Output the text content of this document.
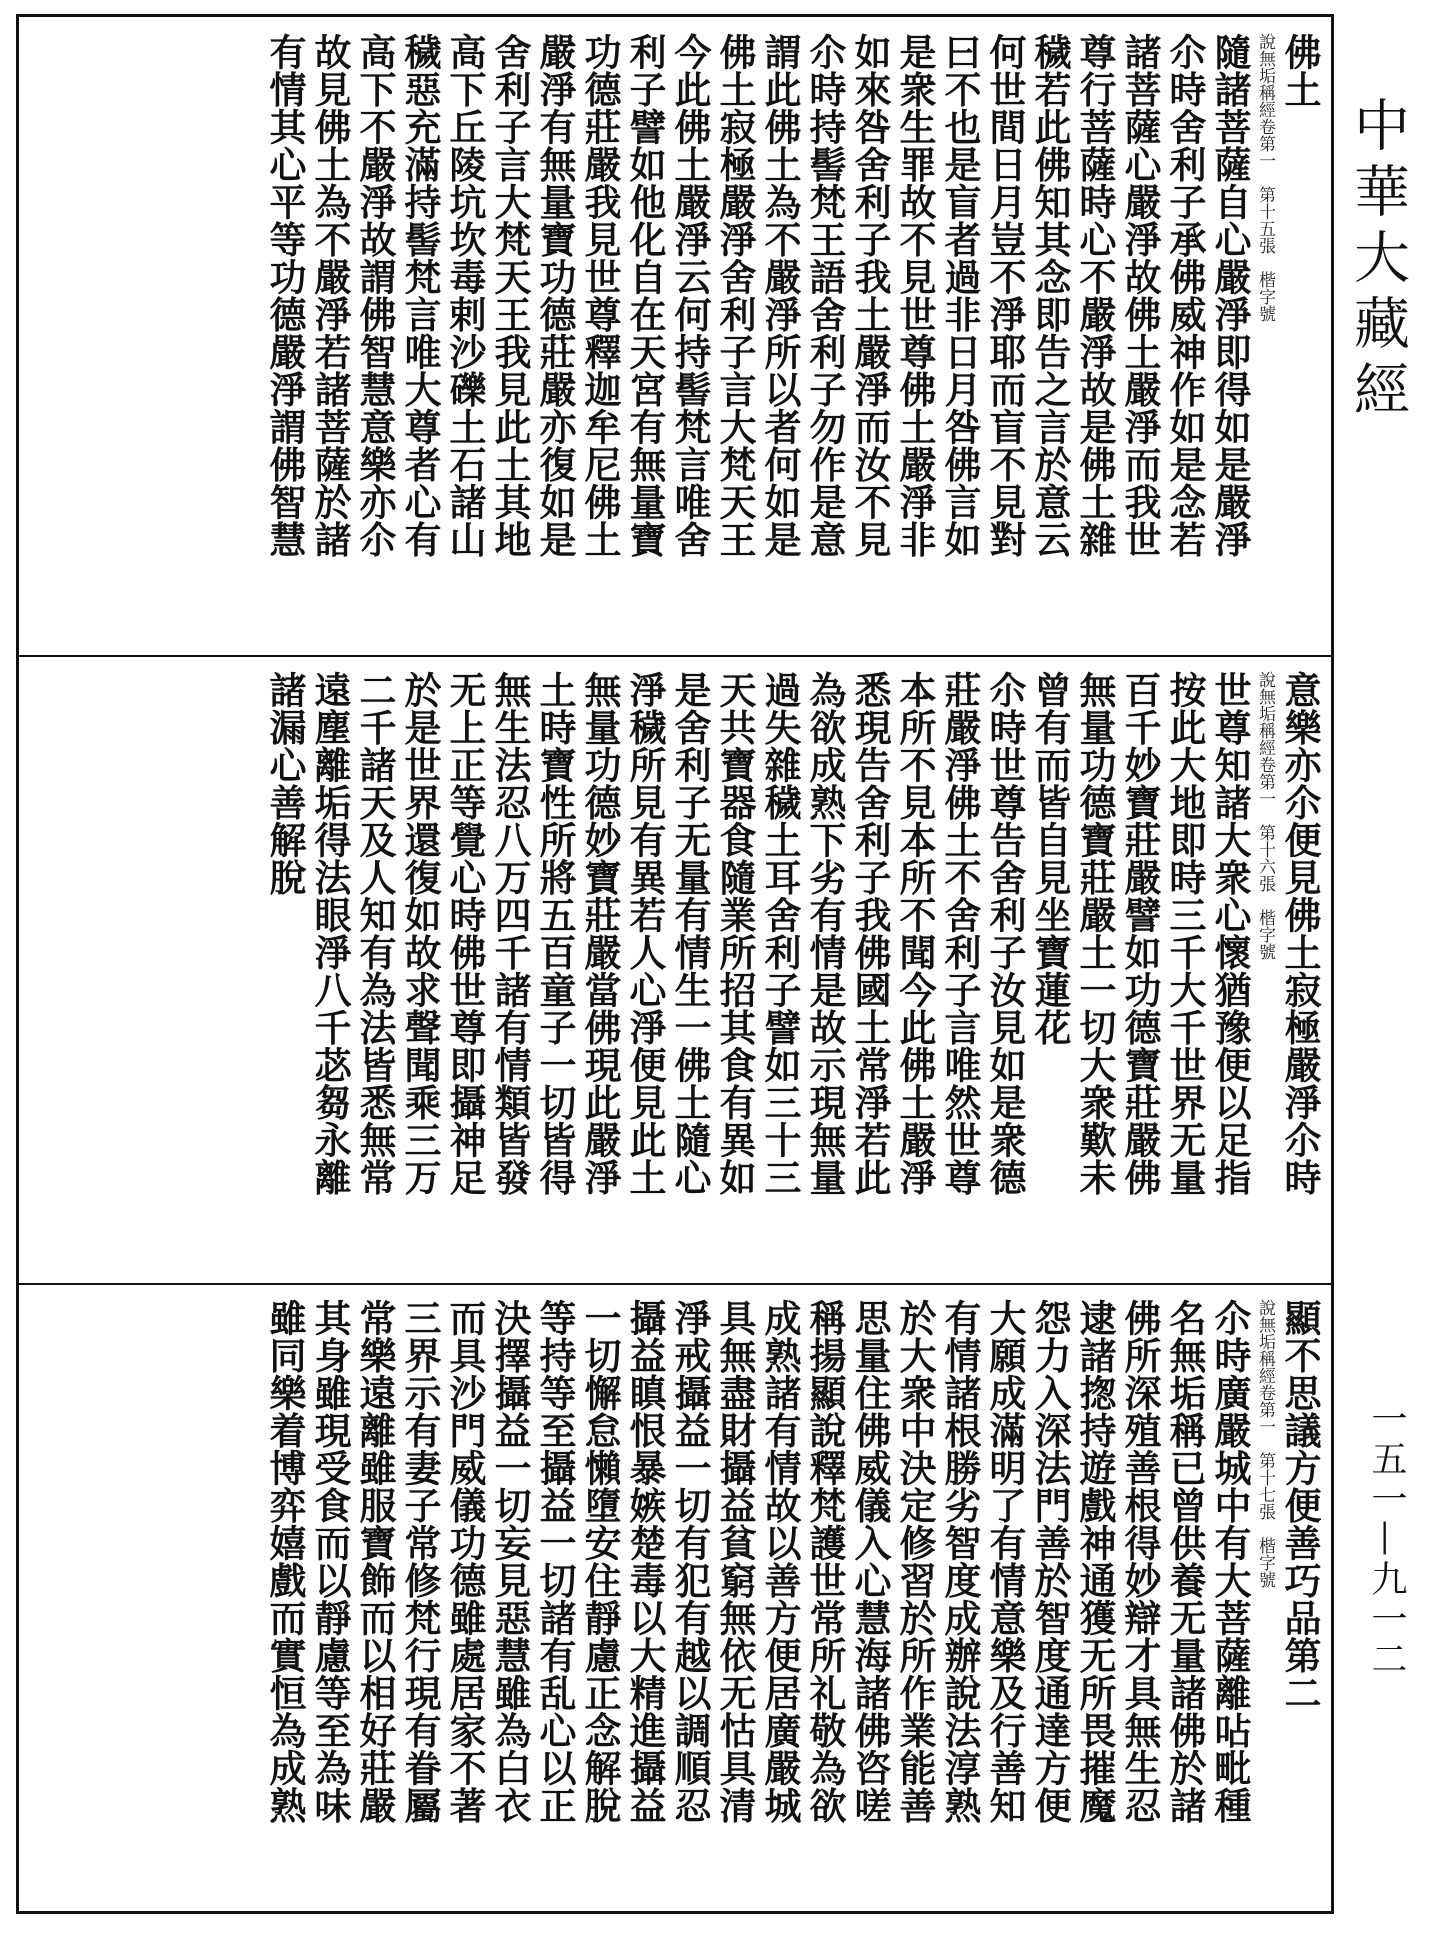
中華大藏經
一五一—九一二
佛土
說無垢稱經卷第一　第十五張　楷字號
隨諸菩薩自心嚴淨即得如是嚴淨
尒時舍利子承佛威神作如是念若
諸菩薩心嚴淨故佛土嚴淨而我世
尊行菩薩時心不嚴淨故是佛土雜
穢若此佛知其念即告之言於意云
何世間日月豈不淨耶而盲不見對
曰不也是盲者過非日月咎佛言如
是衆生罪故不見世尊佛土嚴淨非
如來咎舍利子我土嚴淨而汝不見
尒時持髻梵王語舍利子勿作是意
謂此佛土為不嚴淨所以者何如是
佛土寂極嚴淨舍利子言大梵天王
今此佛土嚴淨云何持髻梵言唯舍
利子譬如他化自在天宮有無量寶
功德莊嚴我見世尊釋迦牟尼佛土
嚴淨有無量寶功德莊嚴亦復如是
舍利子言大梵天王我見此土其地
高下丘陵坑坎毒剌沙礫土石諸山
穢惡充滿持髻梵言唯大尊者心有
高下不嚴淨故謂佛智慧意樂亦尒
故見佛土為不嚴淨若諸菩薩於諸
有情其心平等功德嚴淨謂佛智慧
意樂亦尒便見佛土寂極嚴淨尒時
說無垢稱經卷第一　第十六張　楷字號
世尊知諸大衆心懷猶豫便以足指
按此大地即時三千大千世界无量
百千妙寶莊嚴譬如功德寶莊嚴佛
無量功德寶莊嚴土一切大衆歎未
曾有而皆自見坐寶蓮花
尒時世尊告舍利子汝見如是衆德
莊嚴淨佛土不舍利子言唯然世尊
本所不見本所不聞今此佛土嚴淨
悉現告舍利子我佛國土常淨若此
為欲成熟下劣有情是故示現無量
過失雜穢土耳舍利子譬如三十三
天共寶器食隨業所招其食有異如
是舍利子无量有情生一佛土隨心
淨穢所見有異若人心淨便見此土
無量功德妙寶莊嚴當佛現此嚴淨
土時寶性所將五百童子一切皆得
無生法忍八万四千諸有情類皆發
无上正等覺心時佛世尊即攝神足
於是世界還復如故求聲聞乘三万
二千諸天及人知有為法皆悉無常
遠塵離垢得法眼淨八千苾芻永離
諸漏心善解脫
顯不思議方便善巧品第二
說無垢稱經卷第一　第十七張　楷字號
尒時廣嚴城中有大菩薩離呫毗種
名無垢稱已曾供養无量諸佛於諸
佛所深殖善根得妙辯才具無生忍
逮諸揔持遊戲神通獲无所畏摧魔
怨力入深法門善於智度通達方便
大願成滿明了有情意樂及行善知
有情諸根勝劣智度成辦說法淳熟
於大衆中決定修習於所作業能善
思量住佛威儀入心慧海諸佛咨嗟
稱揚顯說釋梵護世常所礼敬為欲
成熟諸有情故以善方便居廣嚴城
具無盡財攝益貧窮無依无怙具清
淨戒攝益一切有犯有越以調順忍
攝益瞋恨暴嫉楚毒以大精進攝益
一切懈怠懶墮安住靜慮正念解脫
等持等至攝益一切諸有乱心以正
決擇攝益一切妄見惡慧雖為白衣
而具沙門威儀功德雖處居家不著
三界示有妻子常修梵行現有眷屬
常樂遠離雖服寶飾而以相好莊嚴
其身雖現受食而以靜慮等至為味
雖同樂着博弈嬉戲而實恒為成熟
